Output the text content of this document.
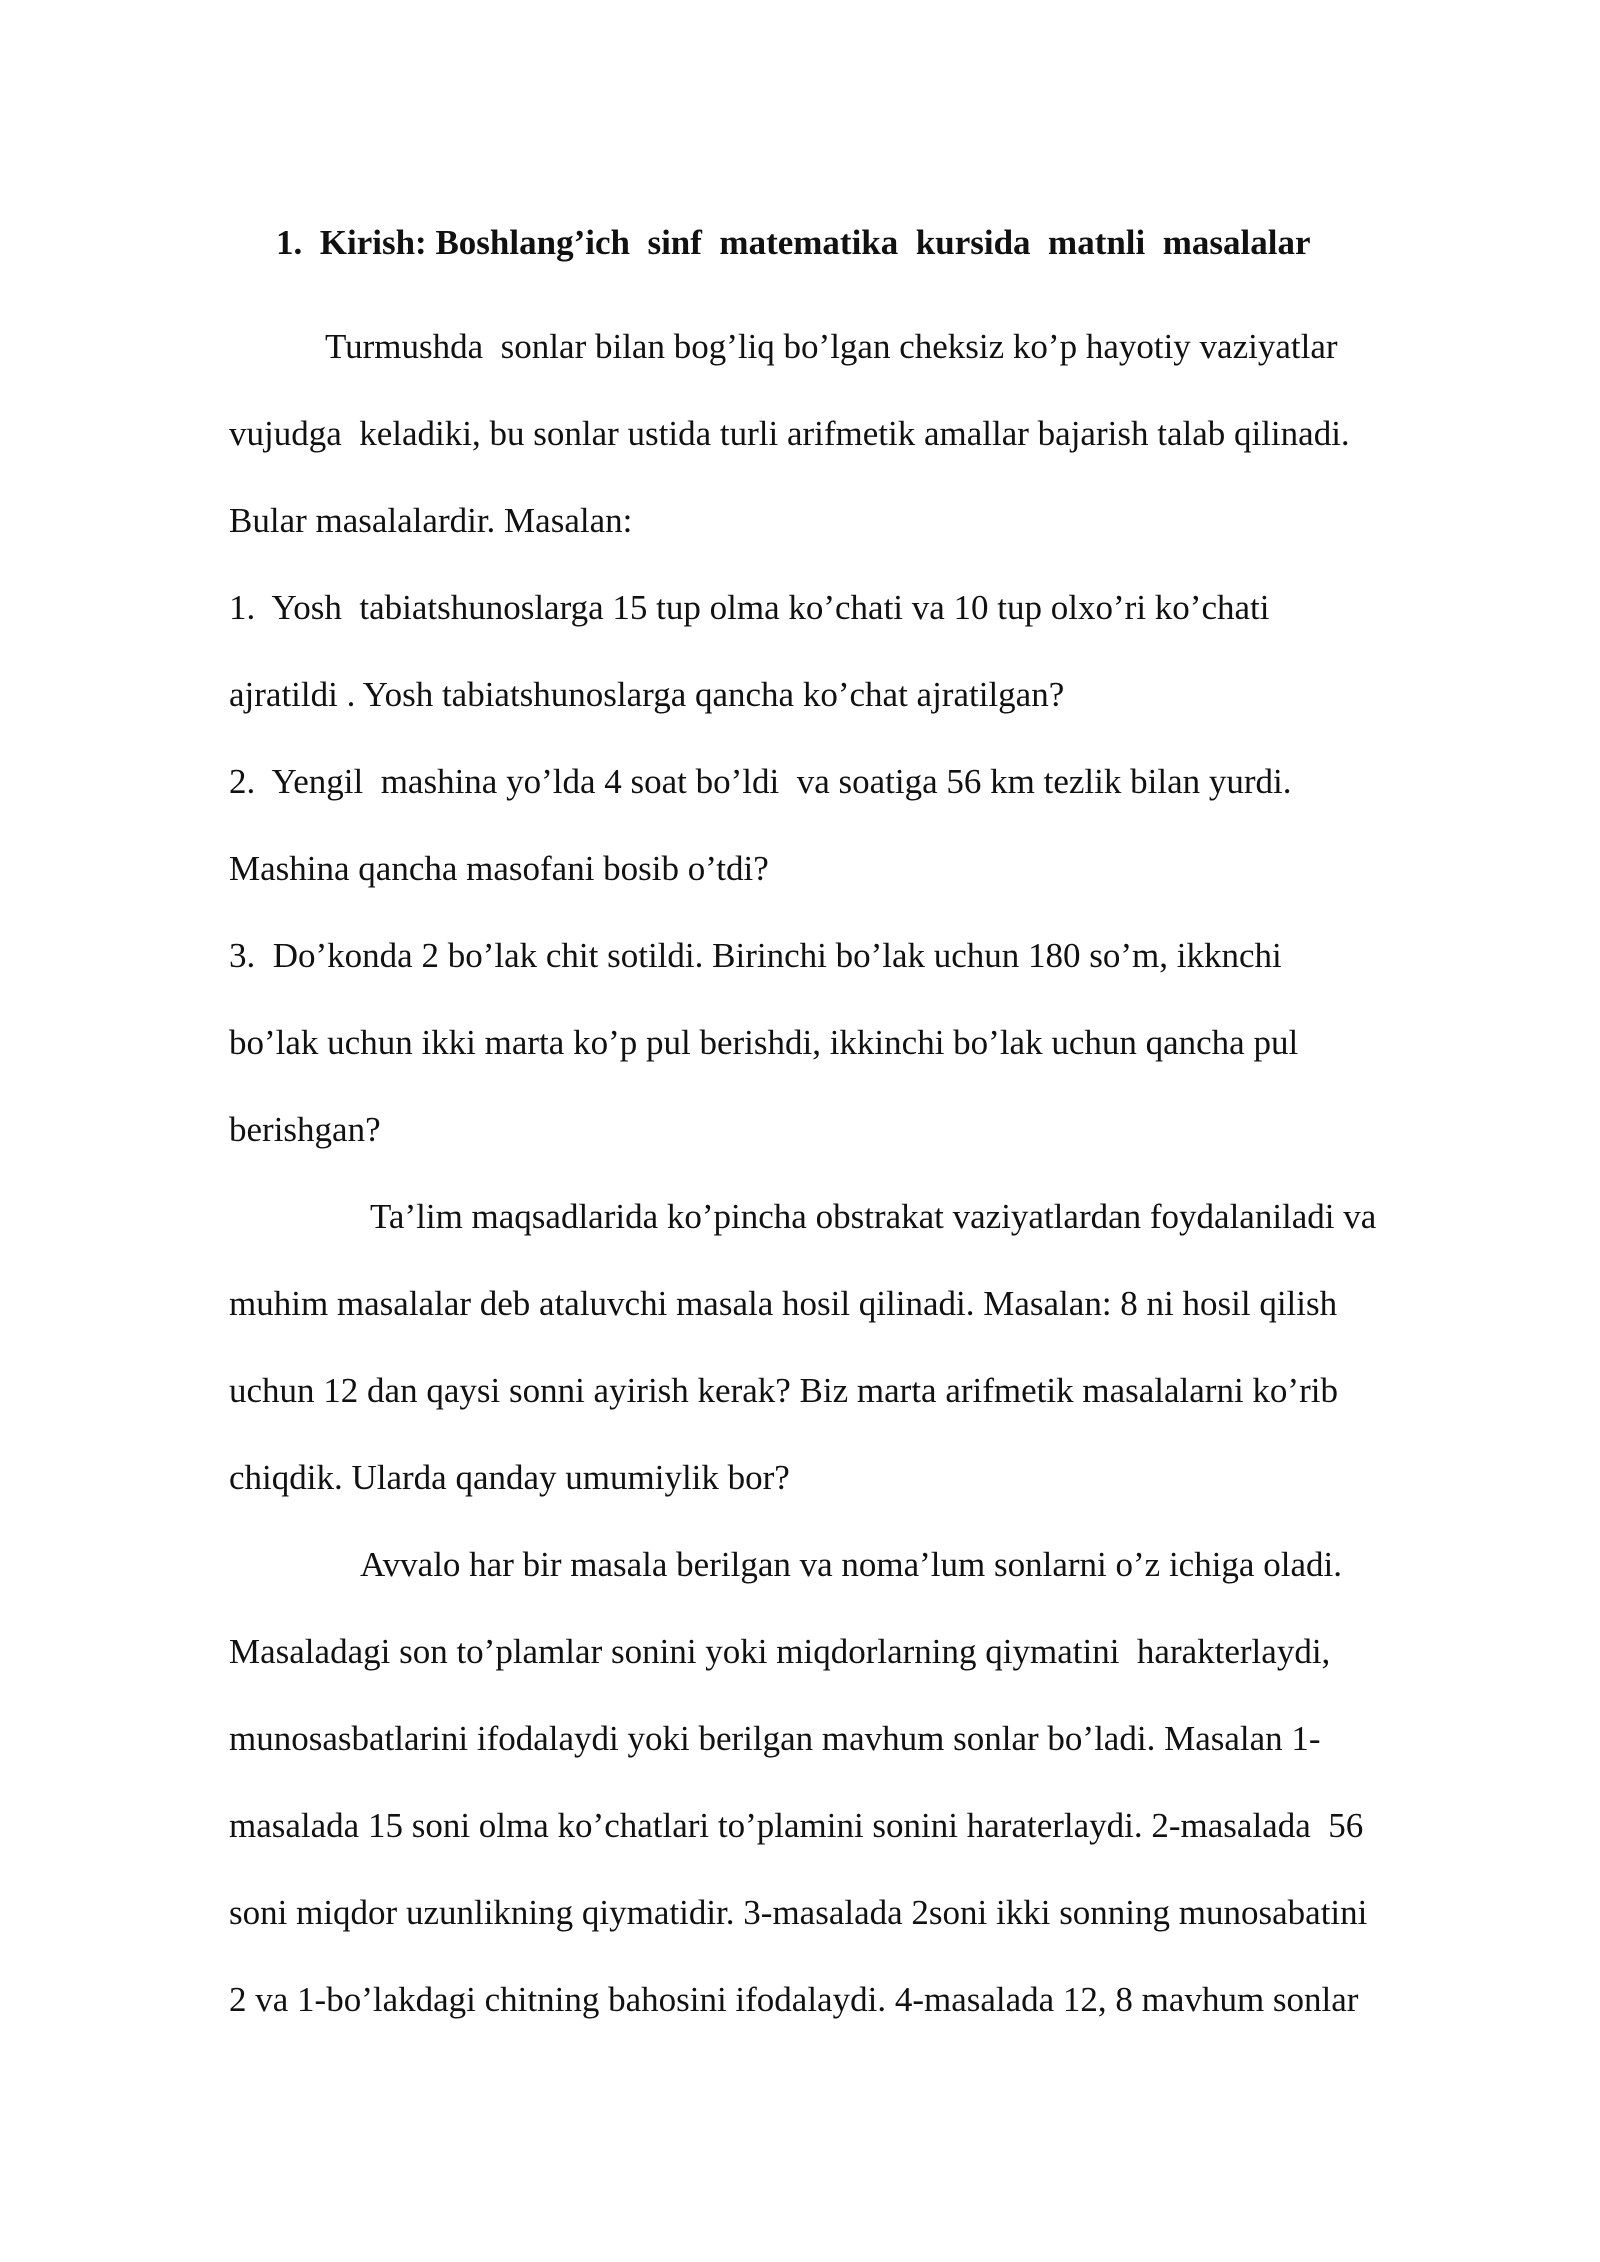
1.  Kirish: Boshlang’ich  sinf  matematika  kursida  matnli  masalalar

Turmushda  sonlar bilan bog’liq bo’lgan cheksiz ko’p hayotiy vaziyatlar

vujudga  keladiki, bu sonlar ustida turli arifmetik amallar bajarish talab qilinadi.

Bular masalalardir. Masalan:

1.  Yosh  tabiatshunoslarga 15 tup olma ko’chati va 10 tup olxo’ri ko’chati

ajratildi . Yosh tabiatshunoslarga qancha ko’chat ajratilgan?

2.  Yengil  mashina yo’lda 4 soat bo’ldi  va soatiga 56 km tezlik bilan yurdi.

Mashina qancha masofani bosib o’tdi?

3.  Do’konda 2 bo’lak chit sotildi. Birinchi bo’lak uchun 180 so’m, ikknchi

bo’lak uchun ikki marta ko’p pul berishdi, ikkinchi bo’lak uchun qancha pul

berishgan?

Ta’lim maqsadlarida ko’pincha obstrakat vaziyatlardan foydalaniladi va

muhim masalalar deb ataluvchi masala hosil qilinadi. Masalan: 8 ni hosil qilish

uchun 12 dan qaysi sonni ayirish kerak? Biz marta arifmetik masalalarni ko’rib

chiqdik. Ularda qanday umumiylik bor?

Avvalo har bir masala berilgan va noma’lum sonlarni o’z ichiga oladi.

Masaladagi son to’plamlar sonini yoki miqdorlarning qiymatini  harakterlaydi,

munosasbatlarini ifodalaydi yoki berilgan mavhum sonlar bo’ladi. Masalan 1-

masalada 15 soni olma ko’chatlari to’plamini sonini haraterlaydi. 2-masalada  56

soni miqdor uzunlikning qiymatidir. 3-masalada 2soni ikki sonning munosabatini

2 va 1-bo’lakdagi chitning bahosini ifodalaydi. 4-masalada 12, 8 mavhum sonlar
